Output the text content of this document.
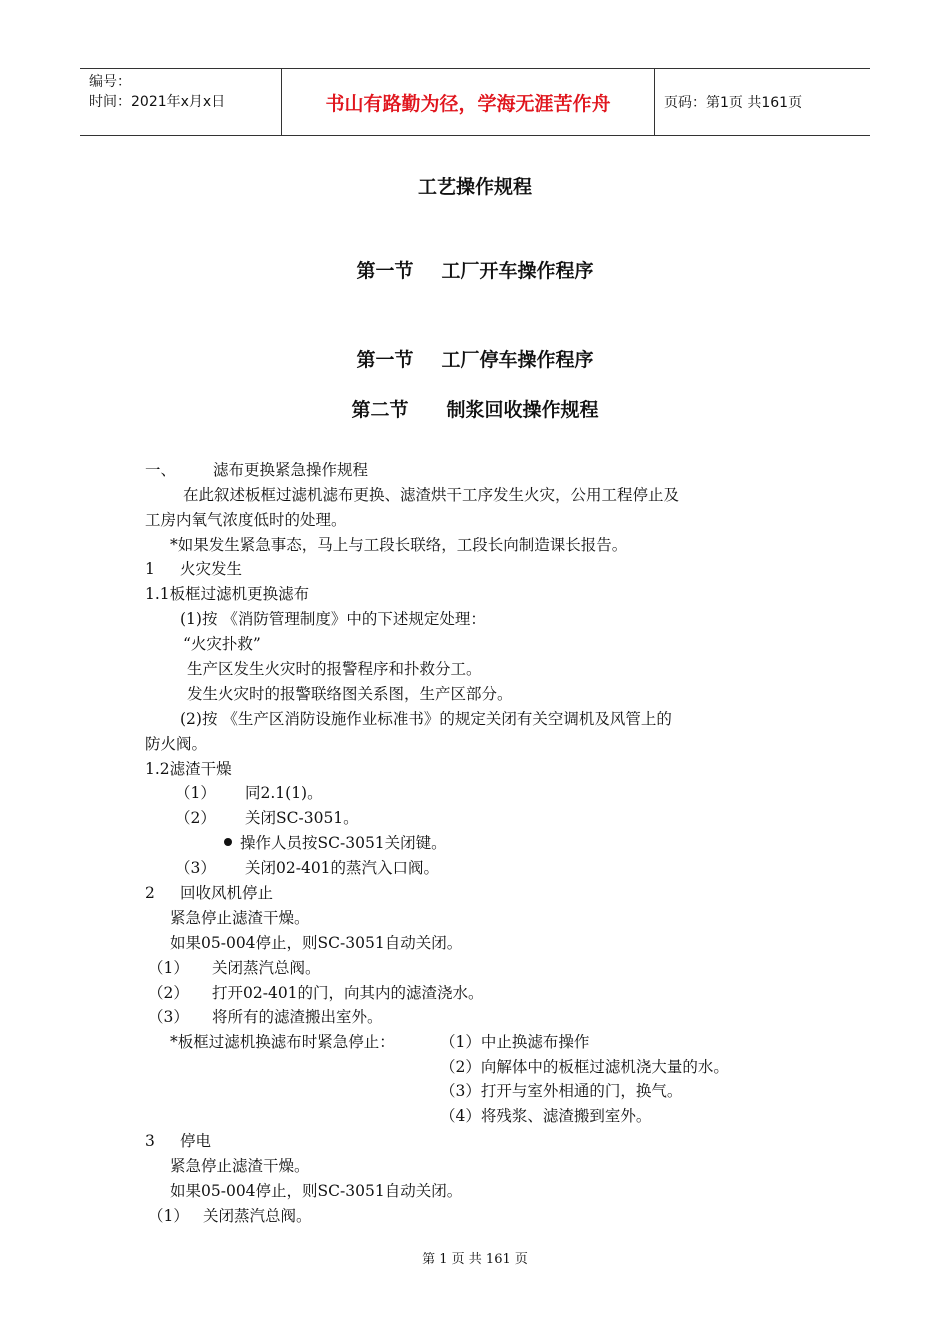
编号：
时间：2021年x月x日	书山有路勤为径，学海无涯苦作舟	页码：第1页 共161页
工艺操作规程
第一节 工厂开车操作程序
第一节 工厂停车操作程序
第二节 制浆回收操作规程
一、 滤布更换紧急操作规程
在此叙述板框过滤机滤布更换、滤渣烘干工序发生火灾，公用工程停止及
工房内氧气浓度低时的处理。
*如果发生紧急事态，马上与工段长联络，工段长向制造课长报告。
1 火灾发生
1.1板框过滤机更换滤布
(1)按 《消防管理制度》中的下述规定处理：
“火灾扑救”
生产区发生火灾时的报警程序和扑救分工。
发生火灾时的报警联络图关系图，生产区部分。
(2)按 《生产区消防设施作业标准书》的规定关闭有关空调机及风管上的
防火阀。
1.2滤渣干燥
（1） 同2.1(1)。
（2） 关闭SC-3051。
操作人员按SC-3051关闭键。
（3） 关闭02-401的蒸汽入口阀。
2 回收风机停止
紧急停止滤渣干燥。
如果05-004停止，则SC-3051自动关闭。
（1） 关闭蒸汽总阀。
（2） 打开02-401的门，向其内的滤渣浇水。
（3） 将所有的滤渣搬出室外。
*板框过滤机换滤布时紧急停止：	（1）中止换滤布操作
（2）向解体中的板框过滤机浇大量的水。
（3）打开与室外相通的门，换气。
（4）将残浆、滤渣搬到室外。
3 停电
紧急停止滤渣干燥。
如果05-004停止，则SC-3051自动关闭。
（1） 关闭蒸汽总阀。
第 1 页 共 161 页
